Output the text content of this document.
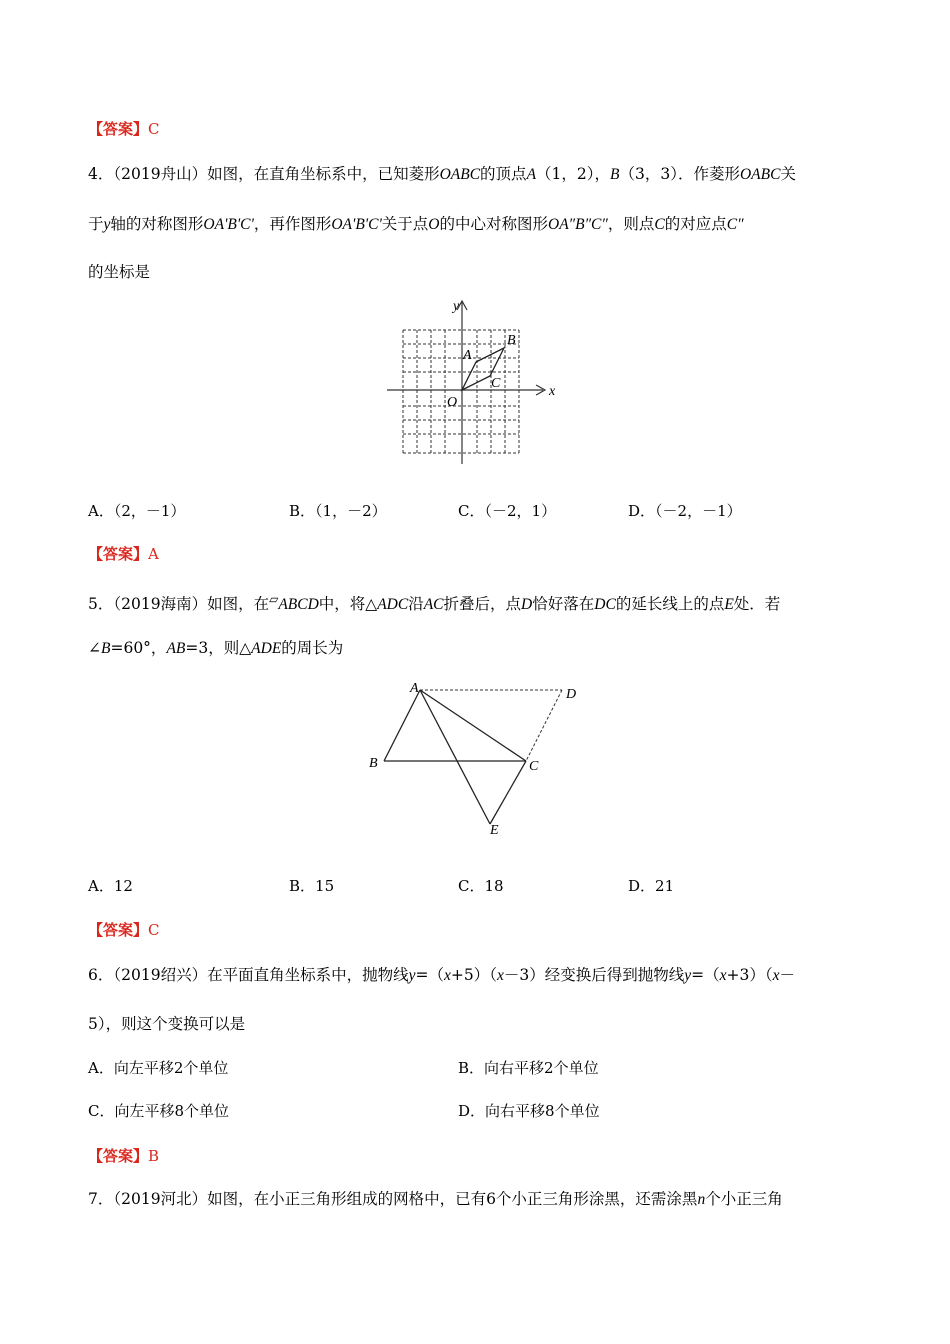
【答案】C
4．（2019舟山）如图，在直角坐标系中，已知菱形OABC的顶点A（1，2），B（3，3）．作菱形OABC关
于y轴的对称图形OA'B'C'，再作图形OA'B'C'关于点O的中心对称图形OA″B″C″，则点C的对应点C″
的坐标是
x
y
O
A
B
C
A．（2，－1）	B．（1，－2）	C．（－2，1）	D．（－2，－1）
【答案】A
5．（2019海南）如图，在▱ABCD中，将△ADC沿AC折叠后，点D恰好落在DC的延长线上的点E处．若
∠B=60°，AB=3，则△ADE的周长为
A
B	C
D
E
A．12	B．15	C．18	D．21
【答案】C
6．（2019绍兴）在平面直角坐标系中，抛物线y=（x+5）（x－3）经变换后得到抛物线y=（x+3）（x－
5），则这个变换可以是
A．向左平移2个单位	B．向右平移2个单位
C．向左平移8个单位	D．向右平移8个单位
【答案】B
7．（2019河北）如图，在小正三角形组成的网格中，已有6个小正三角形涂黑，还需涂黑n个小正三角
